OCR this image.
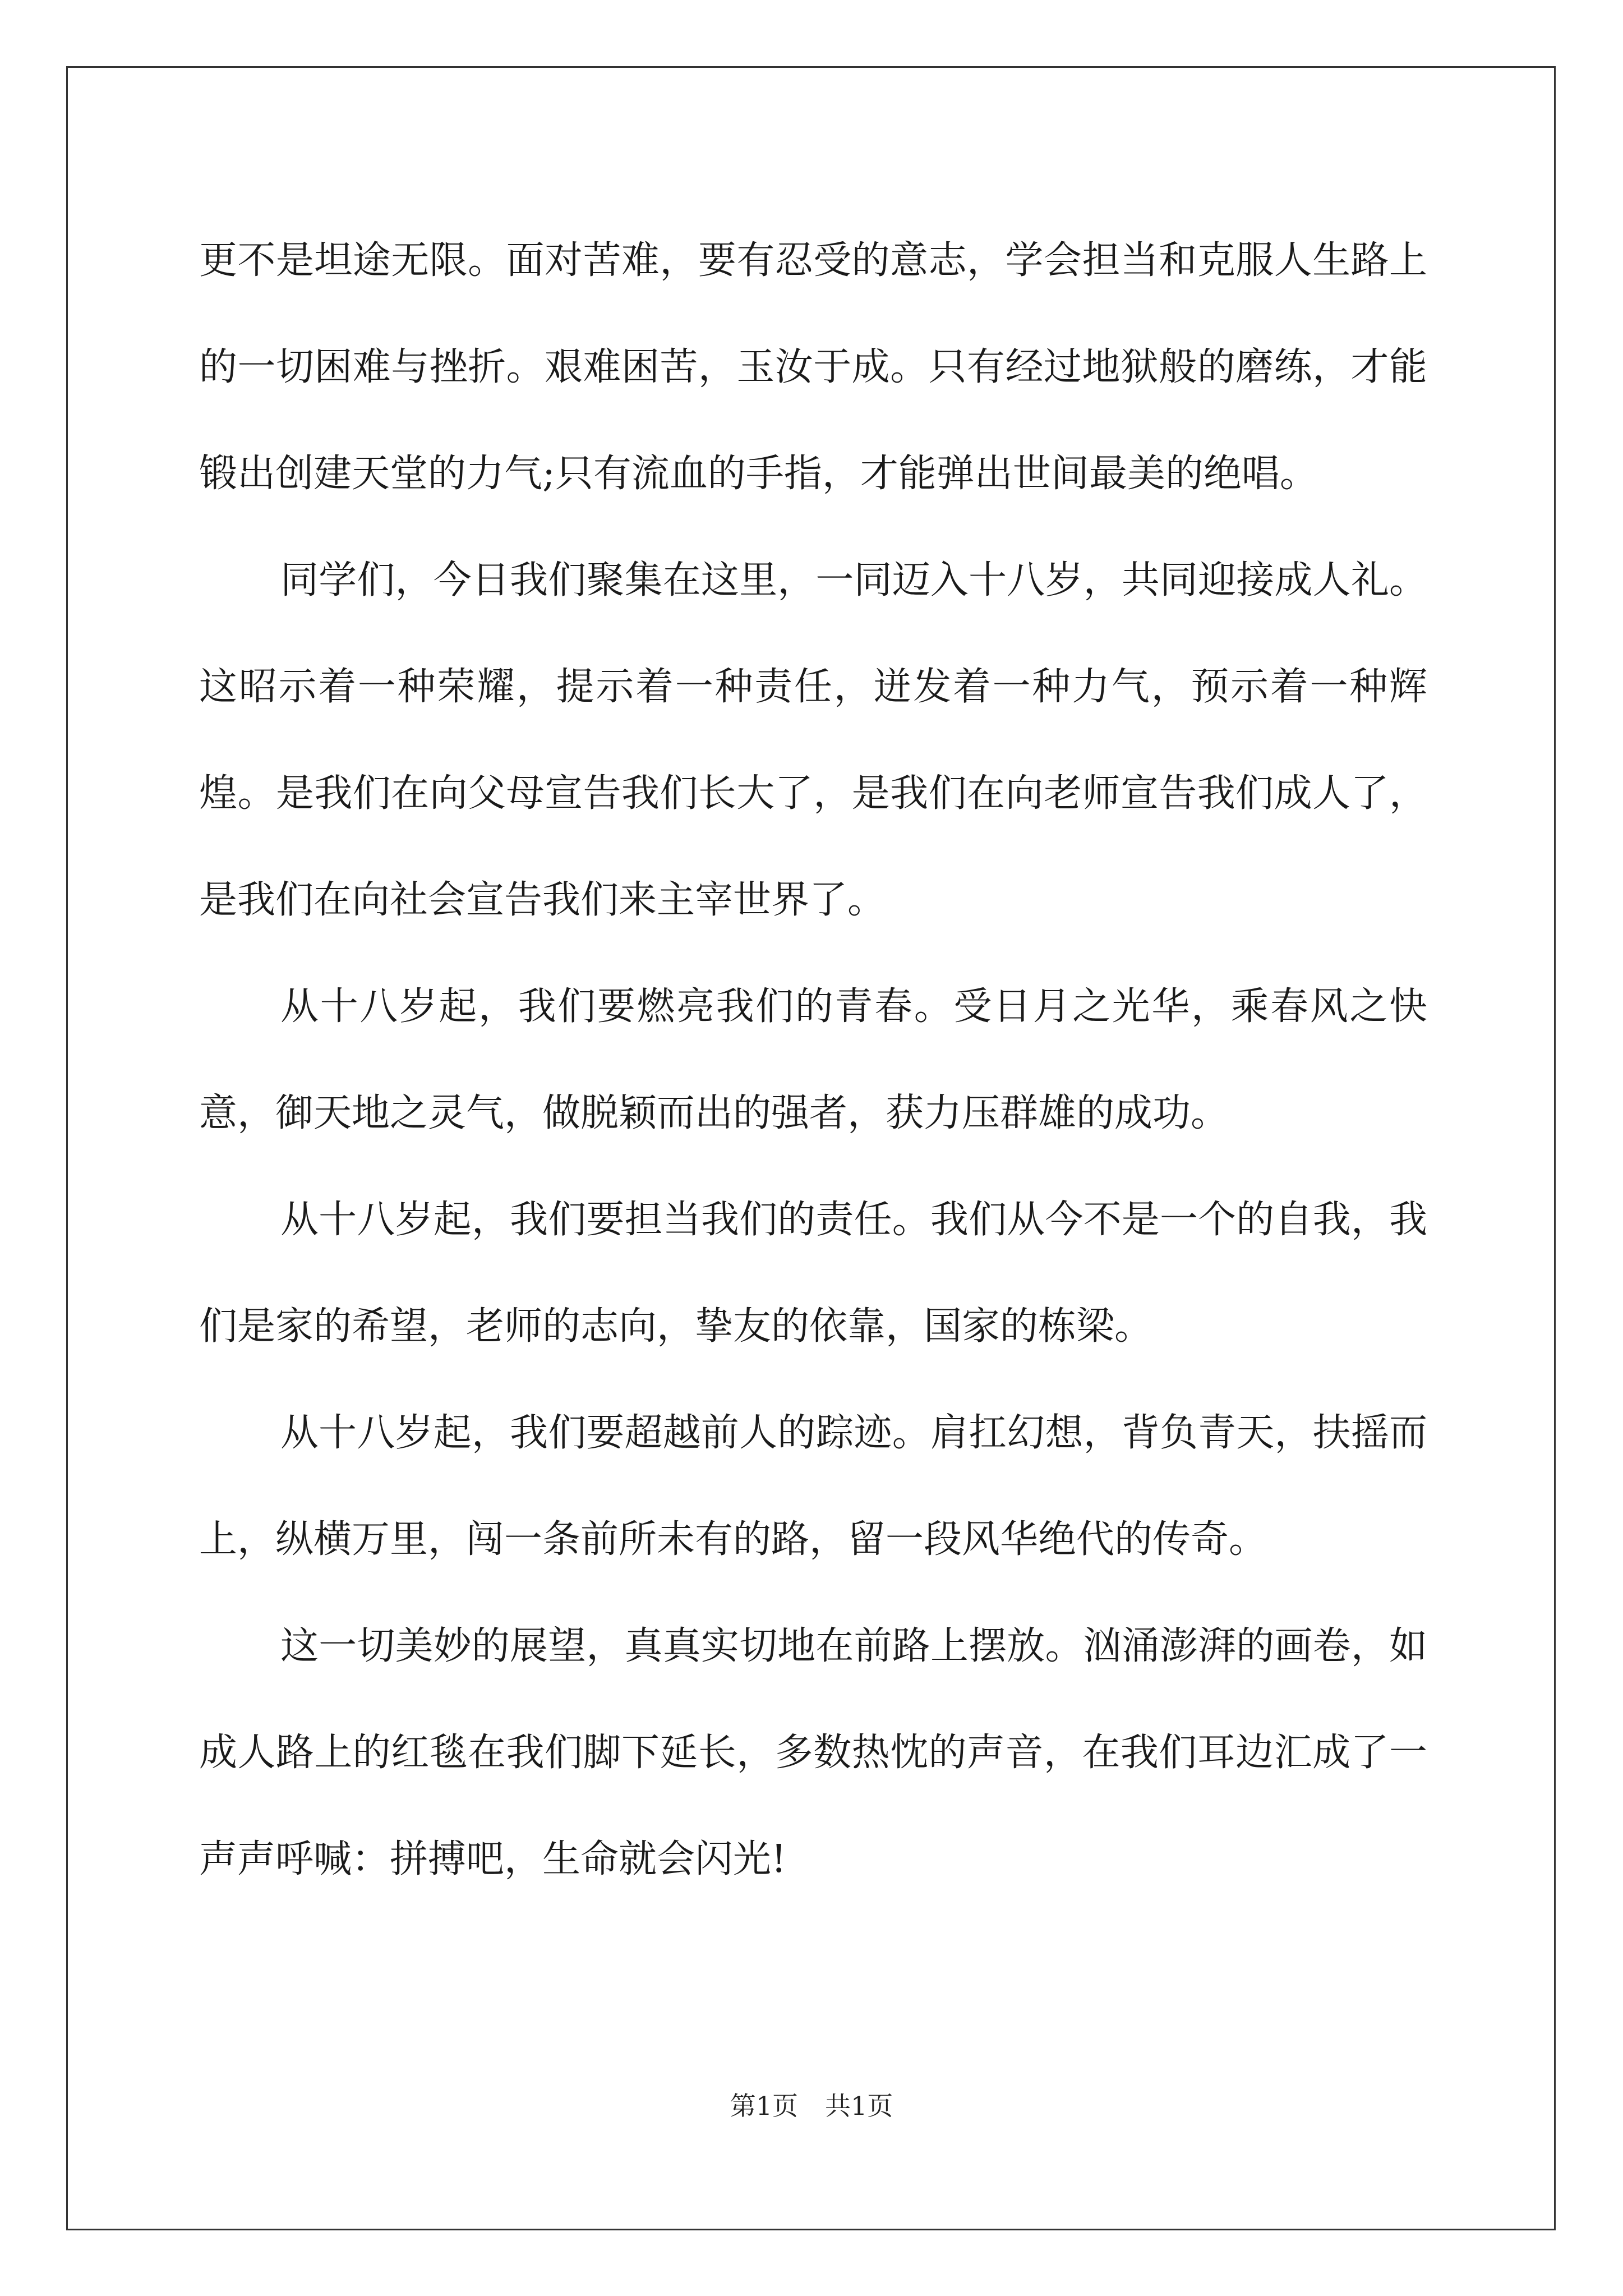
更不是坦途无限。面对苦难，要有忍受的意志，学会担当和克服人生路上的一切困难与挫折。艰难困苦，玉汝于成。只有经过地狱般的磨练，才能锻出创建天堂的力气;只有流血的手指，才能弹出世间最美的绝唱。

同学们，今日我们聚集在这里，一同迈入十八岁，共同迎接成人礼。这昭示着一种荣耀，提示着一种责任，迸发着一种力气，预示着一种辉煌。是我们在向父母宣告我们长大了，是我们在向老师宣告我们成人了，是我们在向社会宣告我们来主宰世界了。

从十八岁起，我们要燃亮我们的青春。受日月之光华，乘春风之快意，御天地之灵气，做脱颖而出的强者，获力压群雄的成功。

从十八岁起，我们要担当我们的责任。我们从今不是一个的自我，我们是家的希望，老师的志向，挚友的依靠，国家的栋梁。

从十八岁起，我们要超越前人的踪迹。肩扛幻想，背负青天，扶摇而上，纵横万里，闯一条前所未有的路，留一段风华绝代的传奇。

这一切美妙的展望，真真实切地在前路上摆放。汹涌澎湃的画卷，如成人路上的红毯在我们脚下延长，多数热忱的声音，在我们耳边汇成了一声声呼喊：拼搏吧，生命就会闪光!

第1页 共1页
